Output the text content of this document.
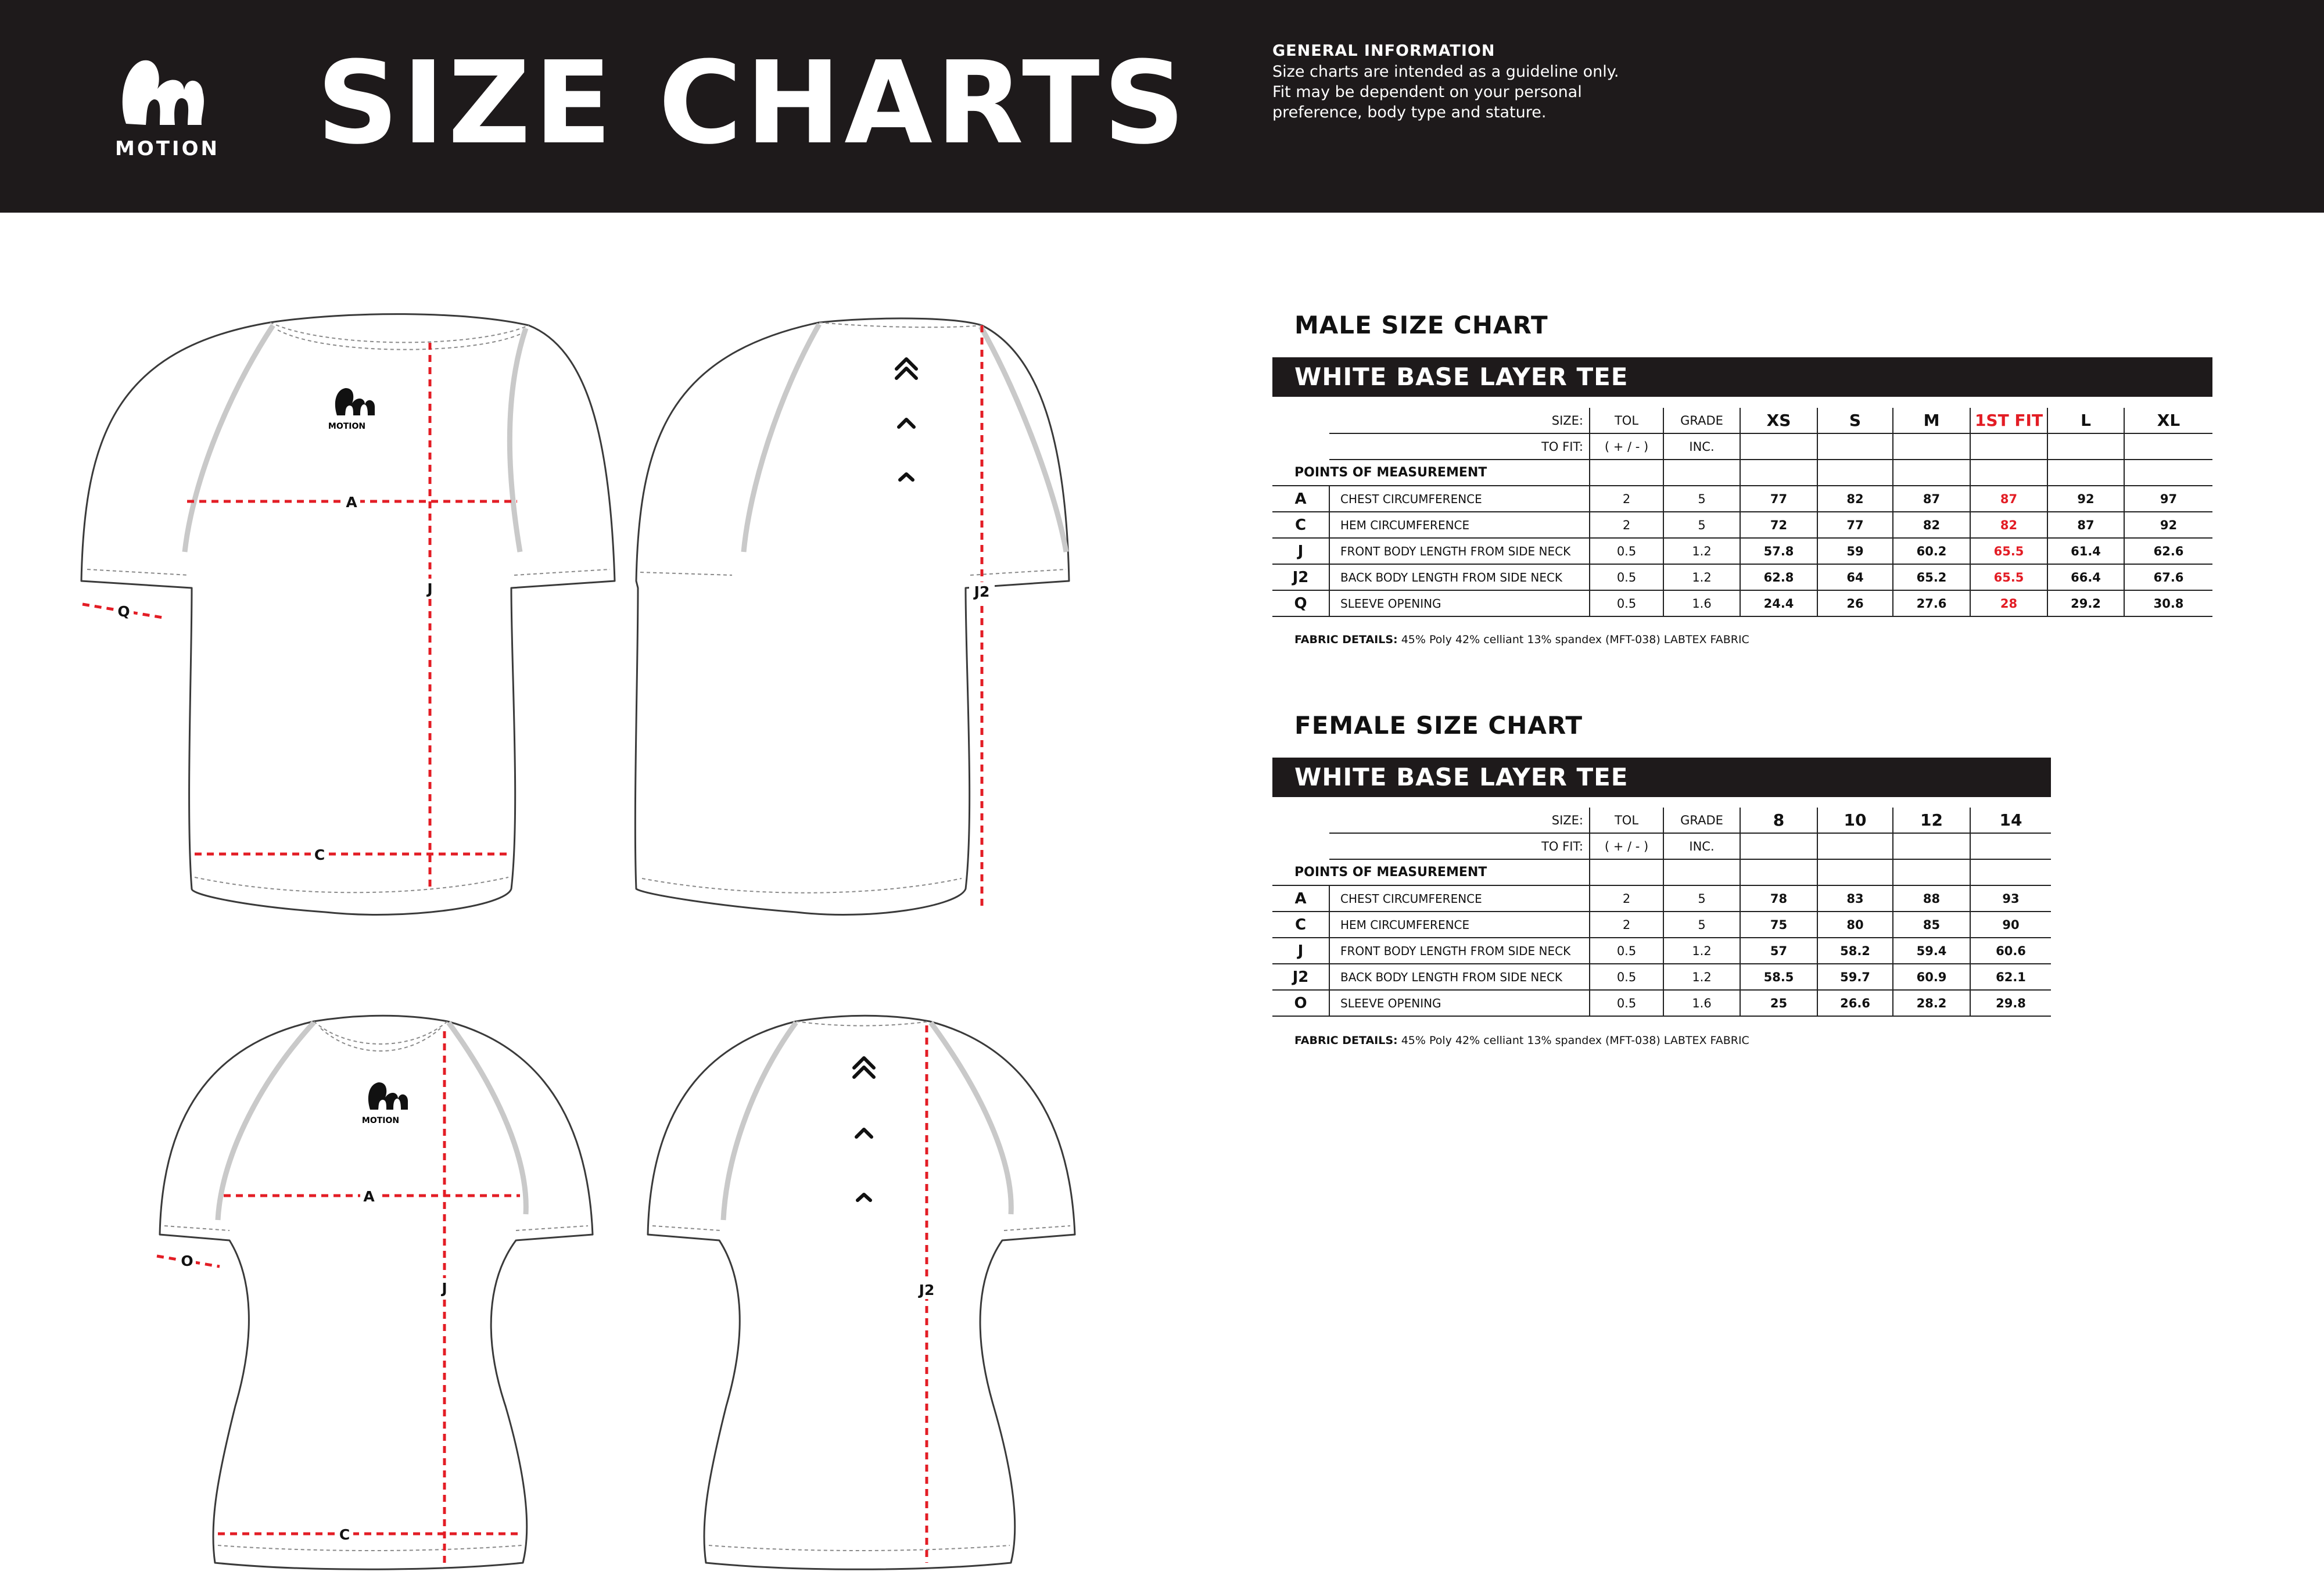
MOTION SIZE CHARTS	GENERAL INFORMATION
Size charts are intended as a guideline only.
Fit may be dependent on your personal
preference, body type and stature.
MOTION
A
J
Q
C
J2
MOTION
A
J
O
C
J2
MALE SIZE CHART
WHITE BASE LAYER TEE
SIZE:		TOL	GRADE	XS	S	M	1ST FIT	L	XL
	TO FIT:	( + / - )	INC.						
POINTS OF MEASUREMENT									
A	CHEST CIRCUMFERENCE	2	5	77	82	87	87	92	97
C	HEM CIRCUMFERENCE	2	5	72	77	82	82	87	92
J	FRONT BODY LENGTH FROM SIDE NECK	0.5	1.2	57.8	59	60.2	65.5	61.4	62.6
J2	BACK BODY LENGTH FROM SIDE NECK	0.5	1.2	62.8	64	65.2	65.5	66.4	67.6
Q	SLEEVE OPENING	0.5	1.6	24.4	26	27.6	28	29.2	30.8
FABRIC DETAILS: 45% Poly 42% celliant 13% spandex (MFT-038) LABTEX FABRIC
FEMALE SIZE CHART
WHITE BASE LAYER TEE
SIZE:		TOL	GRADE	8	10	12	14
	TO FIT:	( + / - )	INC.				
POINTS OF MEASUREMENT							
A	CHEST CIRCUMFERENCE	2	5	78	83	88	93
C	HEM CIRCUMFERENCE	2	5	75	80	85	90
J	FRONT BODY LENGTH FROM SIDE NECK	0.5	1.2	57	58.2	59.4	60.6
J2	BACK BODY LENGTH FROM SIDE NECK	0.5	1.2	58.5	59.7	60.9	62.1
O	SLEEVE OPENING	0.5	1.6	25	26.6	28.2	29.8
FABRIC DETAILS: 45% Poly 42% celliant 13% spandex (MFT-038) LABTEX FABRIC
